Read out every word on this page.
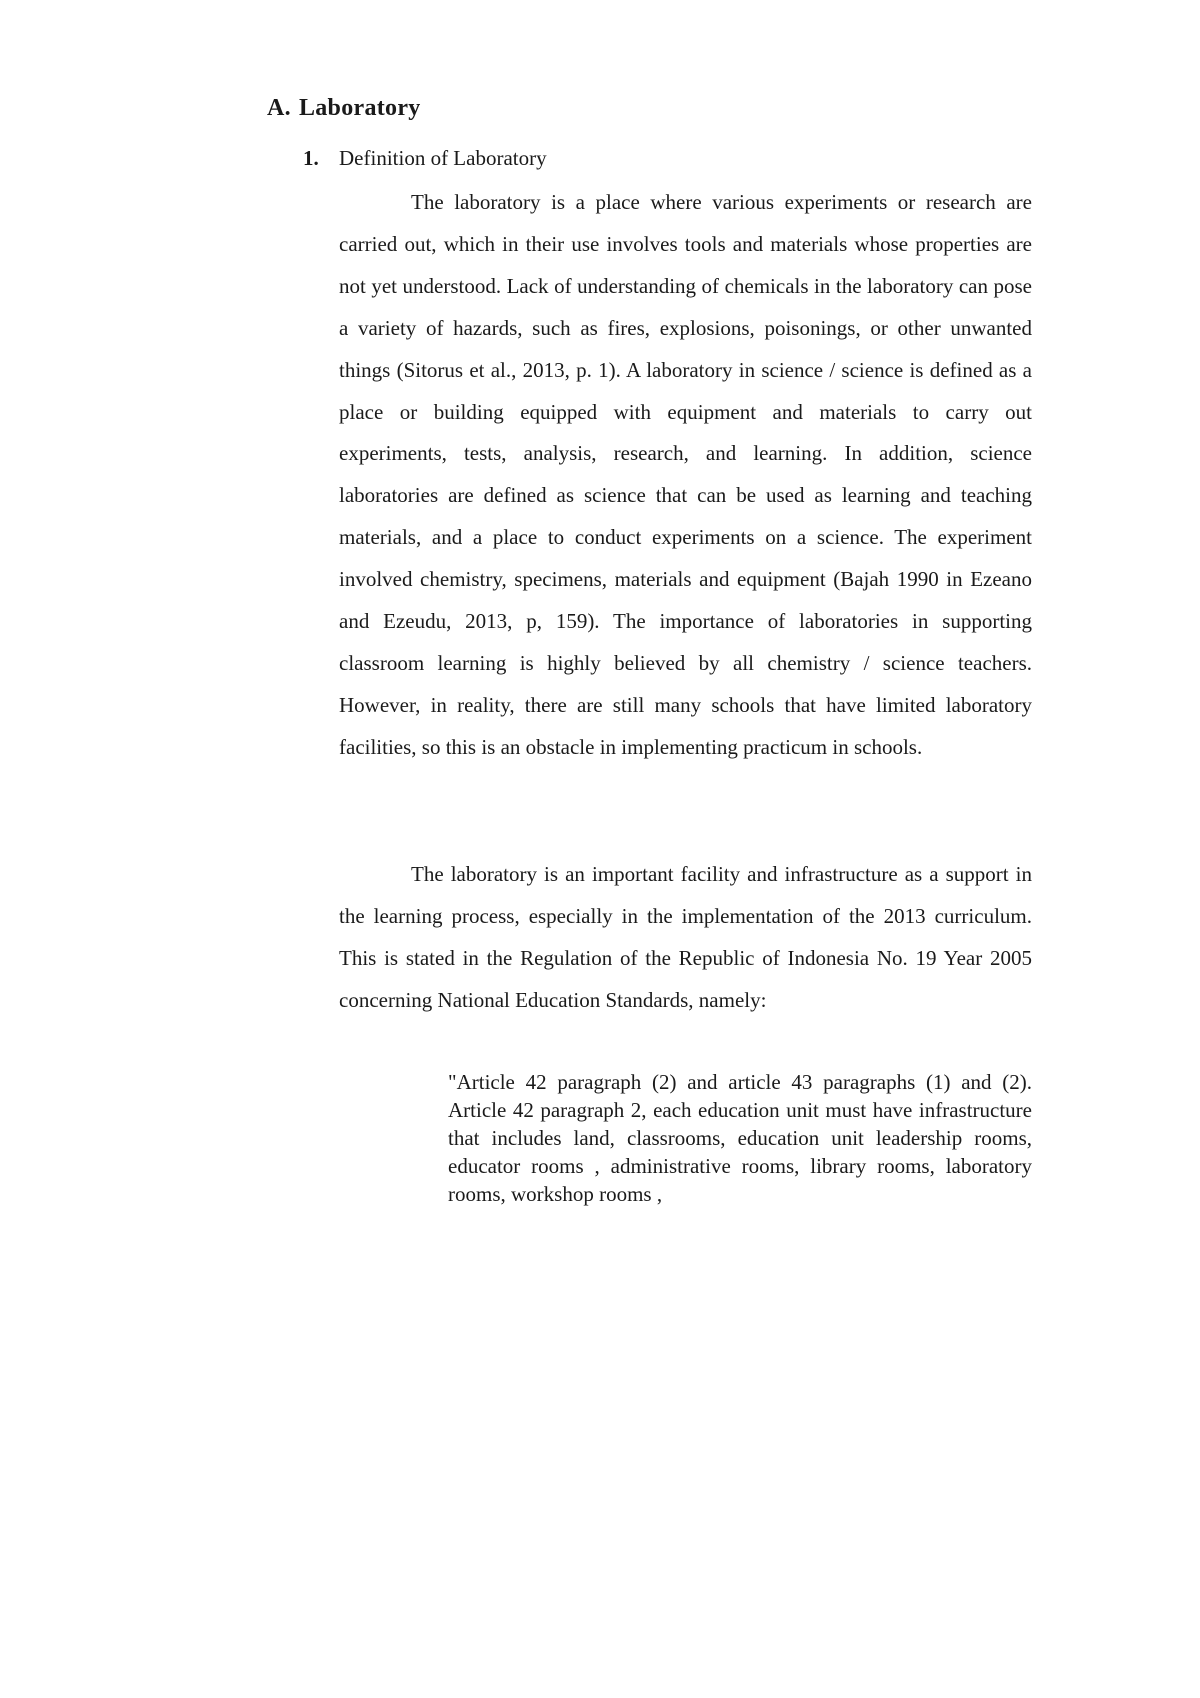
A. Laboratory
1. Definition of Laboratory

The laboratory is a place where various experiments or research are carried out, which in their use involves tools and materials whose properties are not yet understood. Lack of understanding of chemicals in the laboratory can pose a variety of hazards, such as fires, explosions, poisonings, or other unwanted things (Sitorus et al., 2013, p. 1). A laboratory in science / science is defined as a place or building equipped with equipment and materials to carry out experiments, tests, analysis, research, and learning. In addition, science laboratories are defined as science that can be used as learning and teaching materials, and a place to conduct experiments on a science. The experiment involved chemistry, specimens, materials and equipment (Bajah 1990 in Ezeano and Ezeudu, 2013, p, 159). The importance of laboratories in supporting classroom learning is highly believed by all chemistry / science teachers. However, in reality, there are still many schools that have limited laboratory facilities, so this is an obstacle in implementing practicum in schools.

The laboratory is an important facility and infrastructure as a support in the learning process, especially in the implementation of the 2013 curriculum. This is stated in the Regulation of the Republic of Indonesia No. 19 Year 2005 concerning National Education Standards, namely:

"Article 42 paragraph (2) and article 43 paragraphs (1) and (2). Article 42 paragraph 2, each education unit must have infrastructure that includes land, classrooms, education unit leadership rooms, educator rooms , administrative rooms, library rooms, laboratory rooms, workshop rooms ,
